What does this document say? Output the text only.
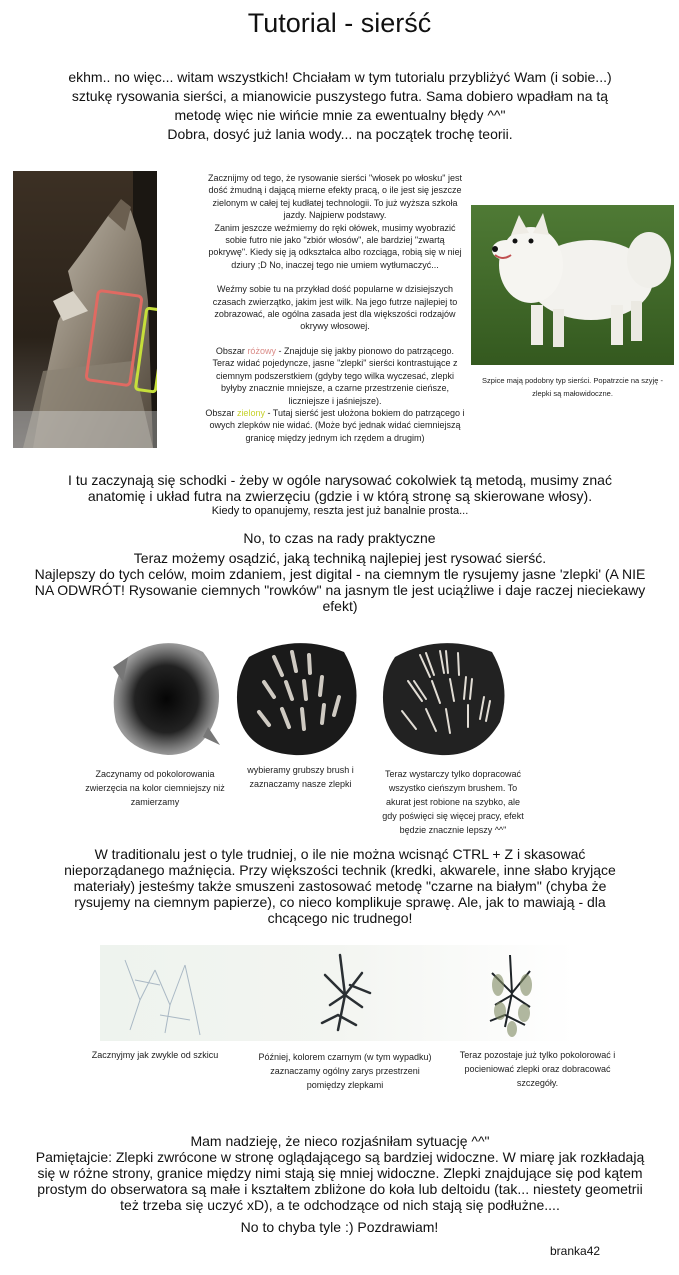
Tutorial - sierść
ekhm.. no więc... witam wszystkich! Chciałam w tym tutorialu przybliżyć Wam (i sobie...)
sztukę rysowania sierści, a mianowicie puszystego futra. Sama dobiero wpadłam na tą
metodę więc nie wińcie mnie za ewentualny błędy ^^"
Dobra, dosyć już lania wody... na początek trochę teorii.
Zacznijmy od tego, że rysowanie sierści "włosek po włosku" jest dość żmudną i dającą mierne efekty pracą, o ile jest się jeszcze zielonym w całej tej kudłatej technologii. To już wyższa szkoła jazdy. Najpierw podstawy.
Zanim jeszcze weźmiemy do ręki ołówek, musimy wyobrazić sobie futro nie jako "zbiór włosów", ale bardziej "zwartą pokrywę". Kiedy się ją odkształca albo rozciąga, robią się w niej dziury ;D No, inaczej tego nie umiem wytłumaczyć...
Weźmy sobie tu na przykład dość popularne w dzisiejszych czasach zwierzątko, jakim jest wilk. Na jego futrze najlepiej to zobrazować, ale ogólna zasada jest dla większości rodzajów okrywy włosowej.
Obszar różowy - Znajduje się jakby pionowo do patrzącego. Teraz widać pojedyncze, jasne "zlepki" sierści kontrastujące z ciemnym podszerstkiem (gdyby tego wilka wyczesać, zlepki byłyby znacznie mniejsze, a czarne przestrzenie cieńsze, liczniejsze i jaśniejsze).
Obszar zielony - Tutaj sierść jest ułożona bokiem do patrzącego i owych zlepków nie widać. (Może być jednak widać ciemniejszą granicę między jednym ich rzędem a drugim)
Szpice mają podobny typ sierści. Popatrzcie na szyję - zlepki są małowidoczne.
I tu zaczynają się schodki - żeby w ogóle narysować cokolwiek tą metodą, musimy znać
anatomię i układ futra na zwierzęciu (gdzie i w którą stronę są skierowane włosy).
Kiedy to opanujemy, reszta jest już banalnie prosta...
No, to czas na rady praktyczne
Teraz możemy osądzić, jaką techniką najlepiej jest rysować sierść.
Najlepszy do tych celów, moim zdaniem, jest digital - na ciemnym tle rysujemy jasne 'zlepki' (A NIE
NA ODWRÓT! Rysowanie ciemnych "rowków" na jasnym tle jest uciążliwe i daje raczej nieciekawy
efekt)
Zaczynamy od pokolorowania zwierzęcia na kolor ciemniejszy niż zamierzamy
wybieramy grubszy brush i zaznaczamy nasze zlepki
Teraz wystarczy tylko dopracować wszystko cieńszym brushem. To akurat jest robione na szybko, ale gdy poświęci się więcej pracy, efekt będzie znacznie lepszy ^^"
W traditionalu jest o tyle trudniej, o ile nie można wcisnąć CTRL + Z i skasować
nieporządanego maźnięcia. Przy większości technik (kredki, akwarele, inne słabo kryjące
materiały) jesteśmy także smuszeni zastosować metodę "czarne na białym" (chyba że
rysujemy na ciemnym papierze), co nieco komplikuje sprawę. Ale, jak to mawiają - dla
chcącego nic trudnego!
Zacznyjmy jak zwykle od szkicu	Później, kolorem czarnym (w tym wypadku) zaznaczamy ogólny zarys przestrzeni pomiędzy zlepkami
Teraz pozostaje już tylko pokolorować i pocieniować zlepki oraz dobracować szczegóły.
Mam nadzieję, że nieco rozjaśniłam sytuację ^^"
Pamiętajcie: Zlepki zwrócone w stronę oglądającego są bardziej widoczne. W miarę jak rozkładają
się w różne strony, granice między nimi stają się mniej widoczne. Zlepki znajdujące się pod kątem
prostym do obserwatora są małe i kształtem zbliżone do koła lub deltoidu (tak... niestety geometrii
też trzeba się uczyć xD), a te odchodzące od nich stają się podłużne....
No to chyba tyle :) Pozdrawiam!
branka42
